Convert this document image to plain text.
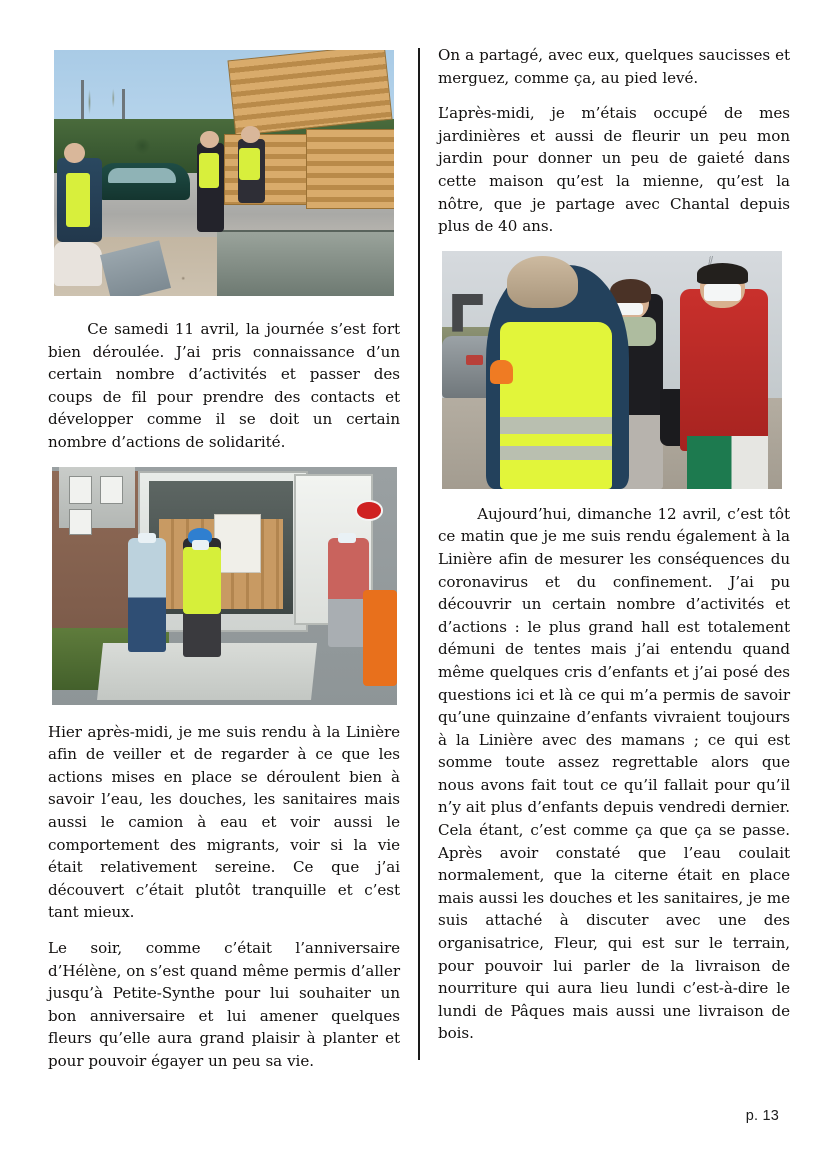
Ce samedi 11 avril, la journée s’est fort bien déroulée. J’ai pris connaissance d’un certain nombre d’activités et passer des coups de fil pour prendre des contacts et développer comme il se doit un certain nombre d’actions de solidarité.

Hier après-midi, je me suis rendu à la Linière afin de veiller et de regarder à ce que les actions mises en place se déroulent bien à savoir l’eau, les douches, les sanitaires mais aussi le camion à eau et voir aussi le comportement des migrants, voir si la vie était relativement sereine. Ce que j’ai découvert c’était plutôt tranquille et c’est tant mieux.

Le soir, comme c’était l’anniversaire d’Hélène, on s’est quand même permis d’aller jusqu’à Petite-Synthe pour lui souhaiter un bon anniversaire et lui amener quelques fleurs qu’elle aura grand plaisir à planter et pour pouvoir égayer un peu sa vie.

On a partagé, avec eux, quelques saucisses et merguez, comme ça, au pied levé.

L’après-midi, je m’étais occupé de mes jardinières et aussi de fleurir un peu mon jardin pour donner un peu de gaieté dans cette maison qu’est la mienne, qu’est la nôtre, que je partage avec Chantal depuis plus de 40 ans.

Aujourd’hui, dimanche 12 avril, c’est tôt ce matin que je me suis rendu également à la Linière afin de mesurer les conséquences du coronavirus et du confinement. J’ai pu découvrir un certain nombre d’activités et d’actions : le plus grand hall est totalement démuni de tentes mais j’ai entendu quand même quelques cris d’enfants et j’ai posé des questions ici et là ce qui m’a permis de savoir qu’une quinzaine d’enfants vivraient toujours à la Linière avec des mamans ; ce qui est somme toute assez regrettable alors que nous avons fait tout ce qu’il fallait pour qu’il n’y ait plus d’enfants depuis vendredi dernier. Cela étant, c’est comme ça que ça se passe. Après avoir constaté que l’eau coulait normalement, que la citerne était en place mais aussi les douches et les sanitaires, je me suis attaché à discuter avec une des organisatrice, Fleur, qui est sur le terrain, pour pouvoir lui parler de la livraison de nourriture qui aura lieu lundi c’est-à-dire le lundi de Pâques mais aussi une livraison de bois.

p. 13
